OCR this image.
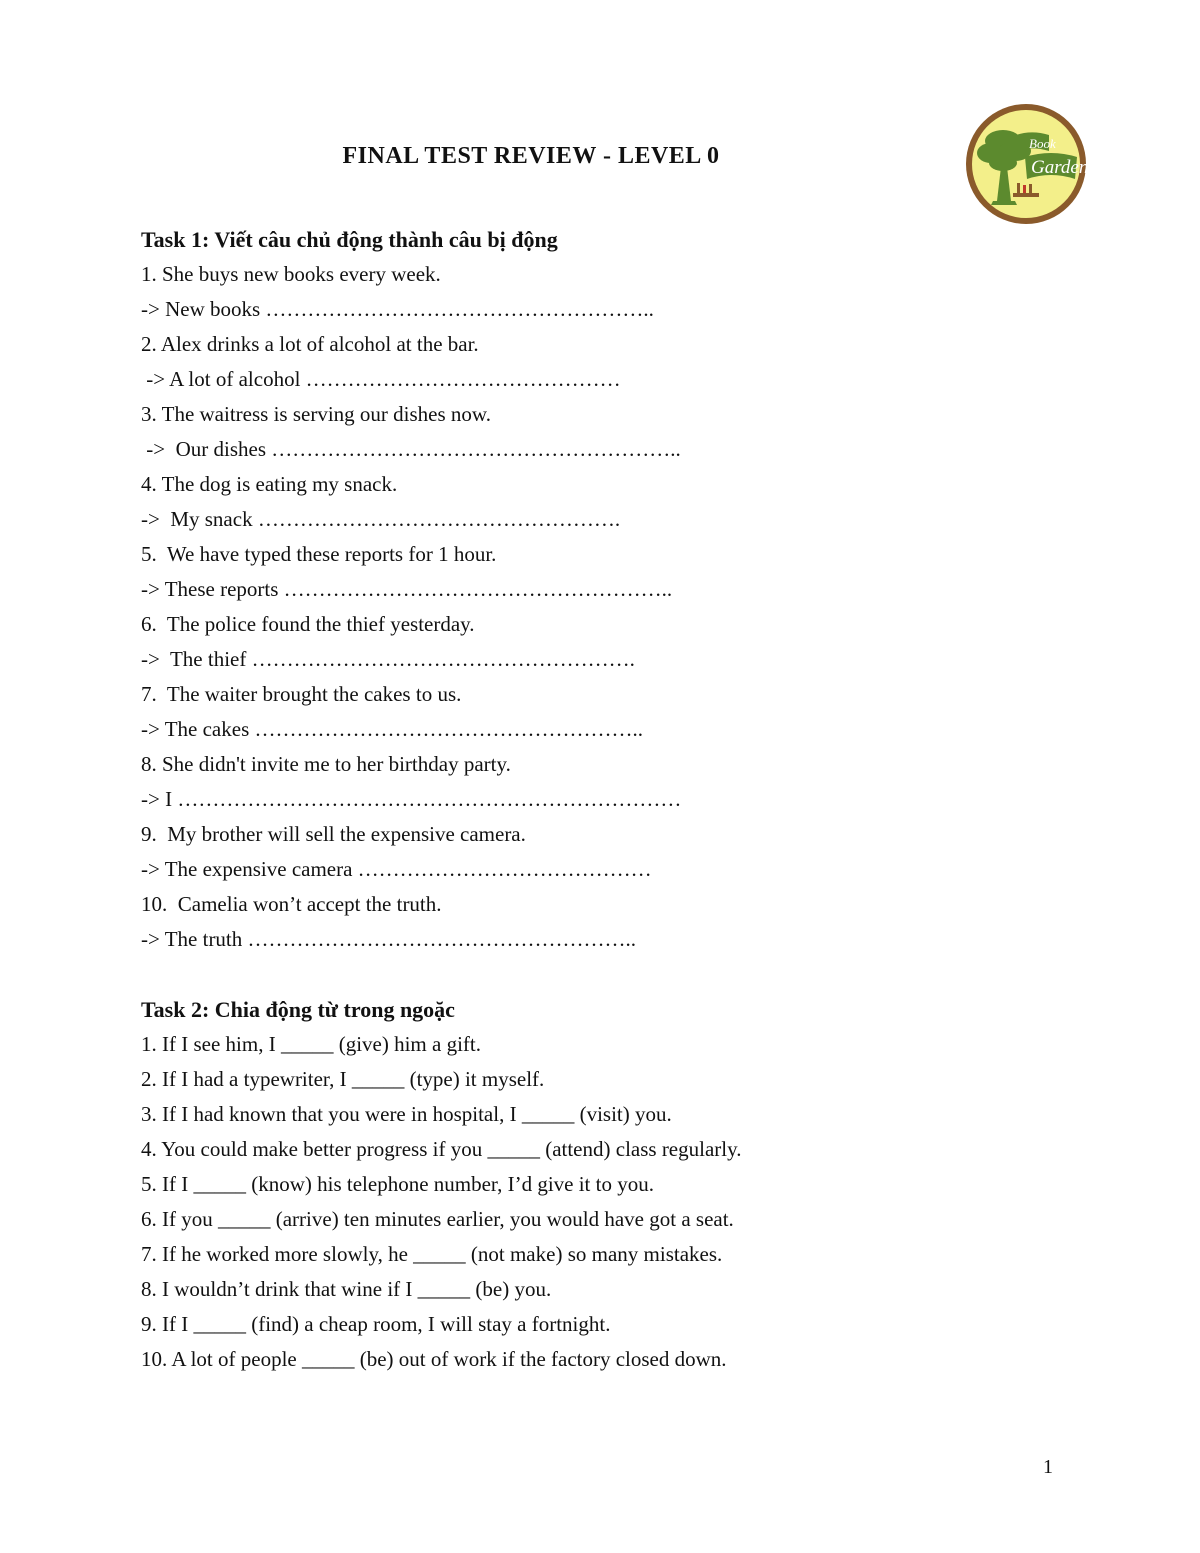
FINAL TEST REVIEW - LEVEL 0	Book
Garden
Task 1: Viết câu chủ động thành câu bị động
1. She buys new books every week.
-> New books ………………………………………………..
2. Alex drinks a lot of alcohol at the bar.
-> A lot of alcohol ………………………………………
3. The waitress is serving our dishes now.
->  Our dishes …………………………………………………..
4. The dog is eating my snack.
->  My snack …………………………………………….
5.  We have typed these reports for 1 hour.
-> These reports ………………………………………………..
6.  The police found the thief yesterday.
->  The thief ……………………………………………….
7.  The waiter brought the cakes to us.
-> The cakes ………………………………………………..
8. She didn't invite me to her birthday party.
-> I ………………………………………………………………
9.  My brother will sell the expensive camera.
-> The expensive camera ……………………………………
10.  Camelia won’t accept the truth.
-> The truth ………………………………………………..
Task 2: Chia động từ trong ngoặc
1. If I see him, I _____ (give) him a gift.
2. If I had a typewriter, I _____ (type) it myself.
3. If I had known that you were in hospital, I _____ (visit) you.
4. You could make better progress if you _____ (attend) class regularly.
5. If I _____ (know) his telephone number, I’d give it to you.
6. If you _____ (arrive) ten minutes earlier, you would have got a seat.
7. If he worked more slowly, he _____ (not make) so many mistakes.
8. I wouldn’t drink that wine if I _____ (be) you.
9. If I _____ (find) a cheap room, I will stay a fortnight.
10. A lot of people _____ (be) out of work if the factory closed down.
1
